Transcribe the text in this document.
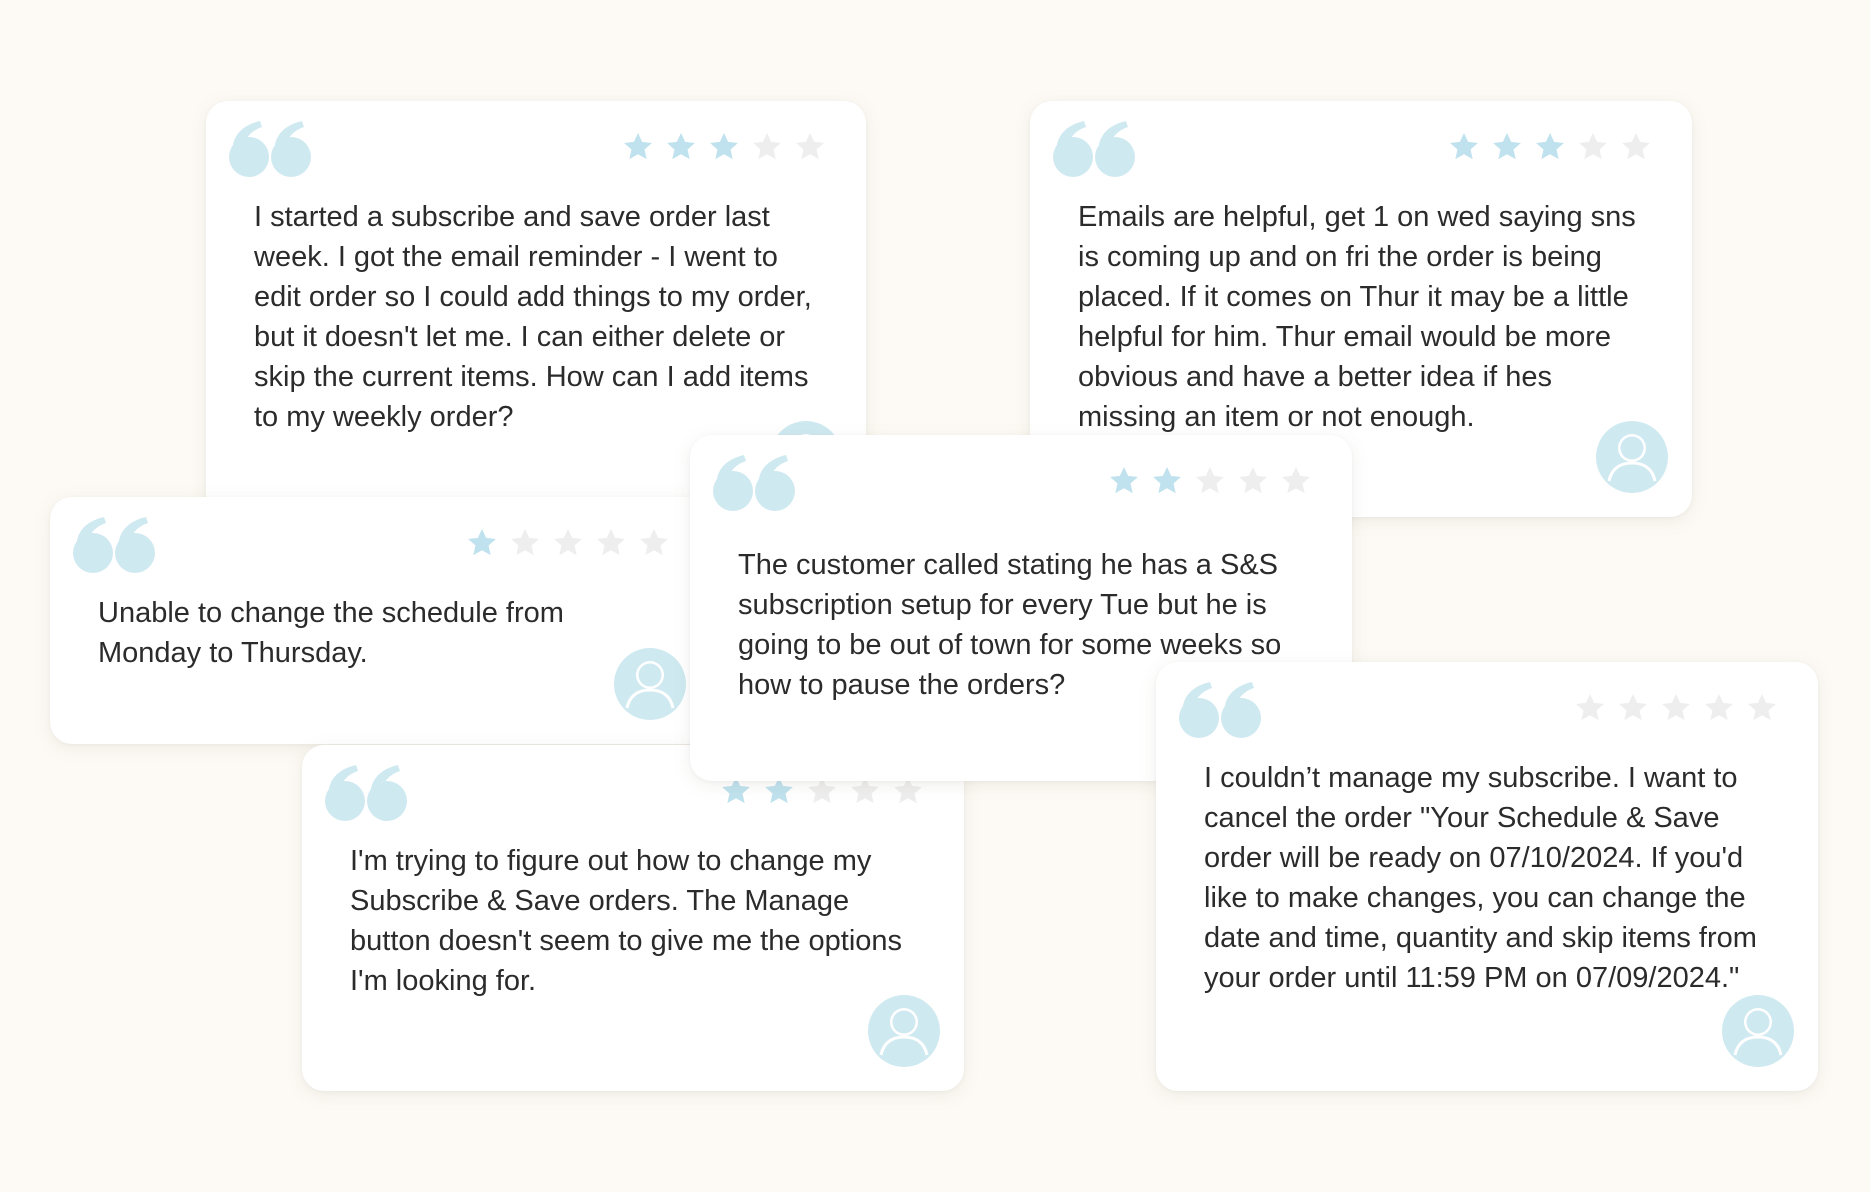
I started a subscribe and save order last week. I got the email reminder - I went to edit order so I could add things to my order, but it doesn't let me. I can either delete or skip the current items. How can I add items to my weekly order?

Emails are helpful, get 1 on wed saying sns is coming up and on fri the order is being placed. If it comes on Thur it may be a little helpful for him. Thur email would be more obvious and have a better idea if hes missing an item or not enough.

Unable to change the schedule from Monday to Thursday.

I'm trying to figure out how to change my Subscribe & Save orders. The Manage button doesn't seem to give me the options I'm looking for.

The customer called stating he has a S&S subscription setup for every Tue but he is going to be out of town for some weeks so how to pause the orders?

I couldn’t manage my subscribe. I want to cancel the order "Your Schedule & Save order will be ready on 07/10/2024. If you'd like to make changes, you can change the date and time, quantity and skip items from your order until 11:59 PM on 07/09/2024."
